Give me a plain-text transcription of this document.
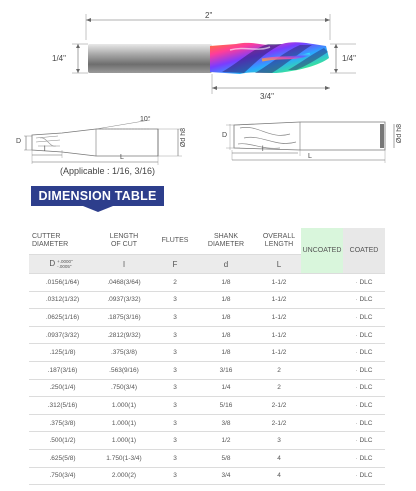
2"
1/4"	1/4"
3/4"
10°
D
l
L
Ød h8	D
l
L
Ød h8
(Applicable : 1/16, 3/16)
DIMENSION TABLE
CUTTER
DIAMETER	LENGTH
OF CUT	FLUTES	SHANK
DIAMETER	OVERALL
LENGTH	UNCOATED	COATED
D +.0000"
-.0005"	l	F	d	L		
.0156(1/64)	.0468(3/64)	2	1/8	1-1/2		· DLC
.0312(1/32)	.0937(3/32)	3	1/8	1-1/2		· DLC
.0625(1/16)	.1875(3/16)	3	1/8	1-1/2		· DLC
.0937(3/32)	.2812(9/32)	3	1/8	1-1/2		· DLC
.125(1/8)	.375(3/8)	3	1/8	1-1/2		· DLC
.187(3/16)	.563(9/16)	3	3/16	2		· DLC
.250(1/4)	.750(3/4)	3	1/4	2		· DLC
.312(5/16)	1.000(1)	3	5/16	2-1/2		· DLC
.375(3/8)	1.000(1)	3	3/8	2-1/2		· DLC
.500(1/2)	1.000(1)	3	1/2	3		· DLC
.625(5/8)	1.750(1-3/4)	3	5/8	4		· DLC
.750(3/4)	2.000(2)	3	3/4	4		· DLC
